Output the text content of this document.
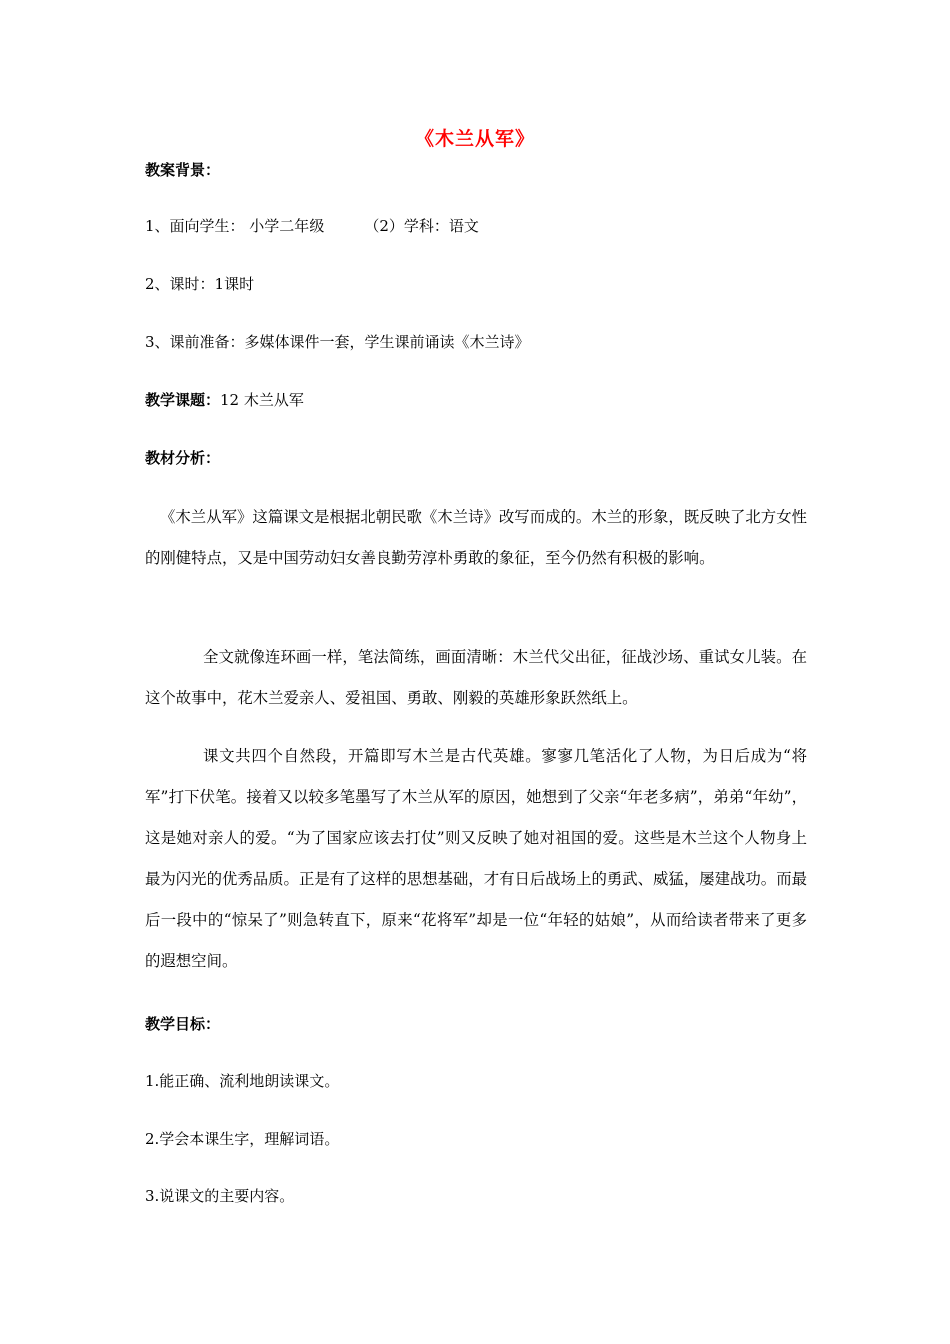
《木兰从军》
教案背景：
1、面向学生： 小学二年级	（2）学科：语文
2、课时：1课时
3、课前准备：多媒体课件一套，学生课前诵读《木兰诗》
教学课题：12 木兰从军
教材分析：
《木兰从军》这篇课文是根据北朝民歌《木兰诗》改写而成的。木兰的形象，既反映了北方女性的刚健特点，又是中国劳动妇女善良勤劳淳朴勇敢的象征，至今仍然有积极的影响。
全文就像连环画一样，笔法简练，画面清晰：木兰代父出征，征战沙场、重试女儿装。在这个故事中，花木兰爱亲人、爱祖国、勇敢、刚毅的英雄形象跃然纸上。
课文共四个自然段，开篇即写木兰是古代英雄。寥寥几笔活化了人物，为日后成为“将军”打下伏笔。接着又以较多笔墨写了木兰从军的原因，她想到了父亲“年老多病”，弟弟“年幼”，这是她对亲人的爱。“为了国家应该去打仗”则又反映了她对祖国的爱。这些是木兰这个人物身上最为闪光的优秀品质。正是有了这样的思想基础，才有日后战场上的勇武、威猛，屡建战功。而最后一段中的“惊呆了”则急转直下，原来“花将军”却是一位“年轻的姑娘”，从而给读者带来了更多的遐想空间。
教学目标：
1.能正确、流利地朗读课文。
2.学会本课生字，理解词语。
3.说课文的主要内容。
